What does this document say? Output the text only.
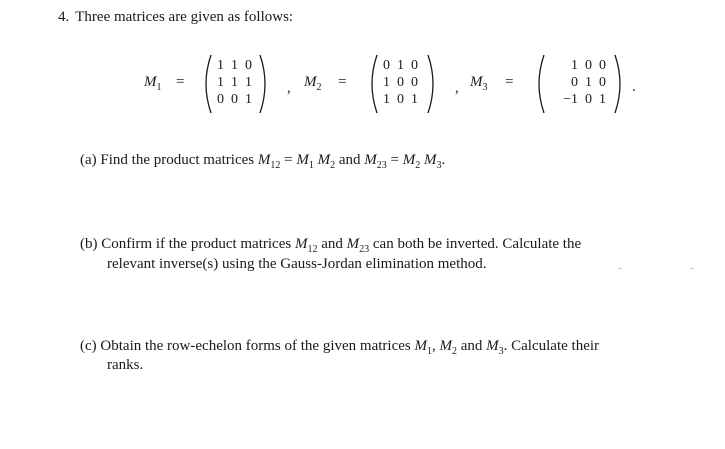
4. Three matrices are given as follows:
$M_1$ =
1 1 0
1 1 1
0 0 1
, $M_2$ =
0 1 0
1 0 0
1 0 1
, $M_3$ =
1 0 0
0 1 0
−1 0 1
.
(a) Find the product matrices $M_{12} = M_1$ $M_2$ and $M_{23} = M_2$ $M_3$.
(b) Confirm if the product matrices $M_{12}$ and $M_{23}$ can both be inverted. Calculate the
relevant inverse(s) using the Gauss-Jordan elimination method.
(c) Obtain the row-echelon forms of the given matrices $M_1$, $M_2$ and $M_3$. Calculate their
ranks.
